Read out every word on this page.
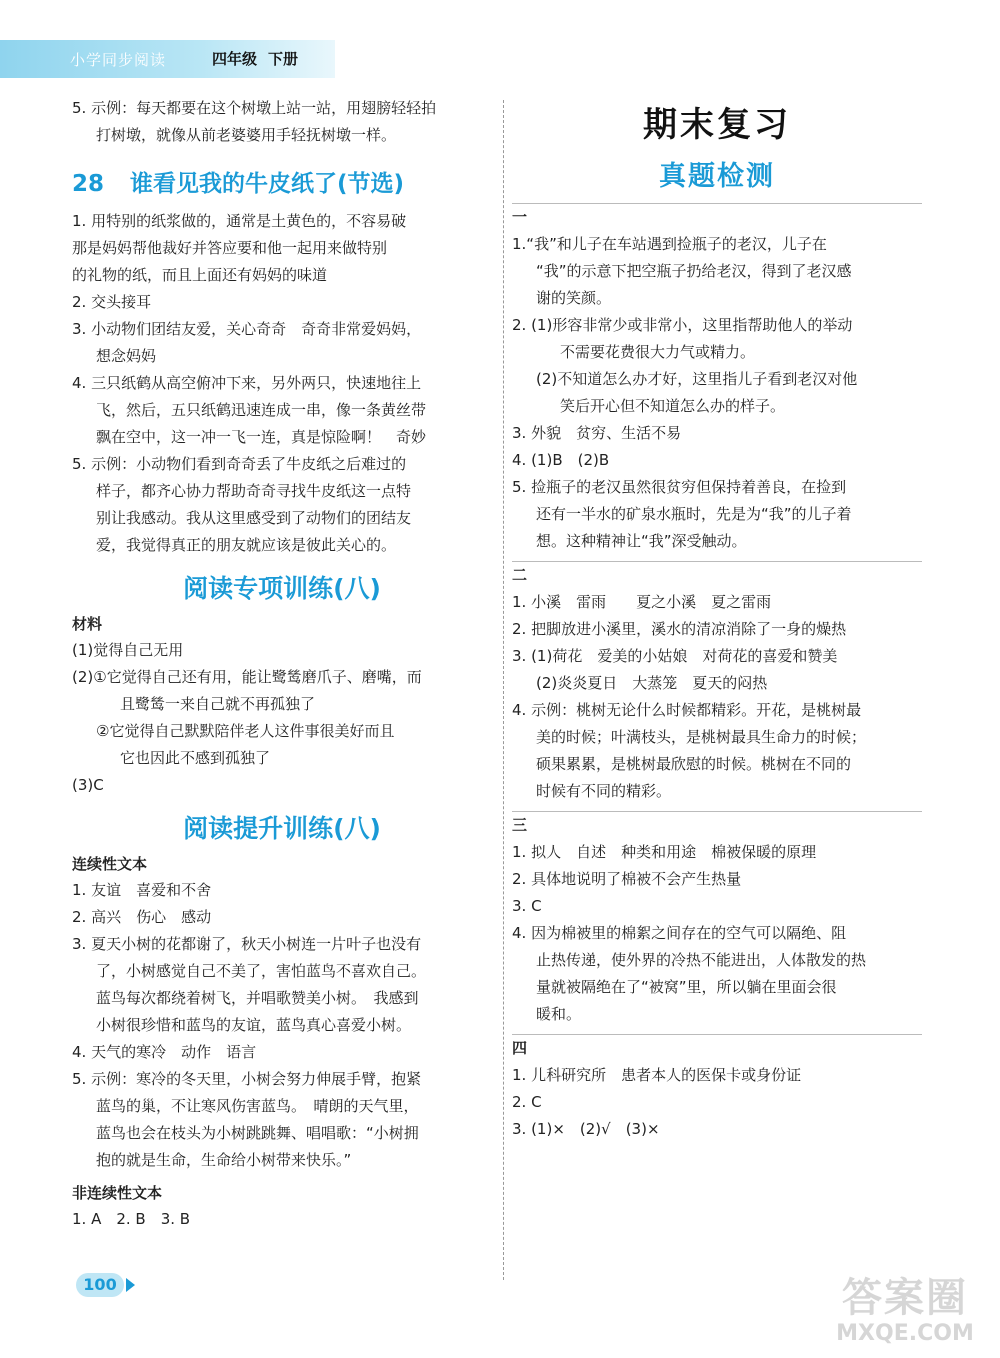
小学同步阅读	四年级 下册
5. 示例：每天都要在这个树墩上站一站，用翅膀轻轻拍
打树墩，就像从前老婆婆用手轻抚树墩一样。
28 谁看见我的牛皮纸了(节选)
1. 用特别的纸浆做的，通常是土黄色的，不容易破
那是妈妈帮他裁好并答应要和他一起用来做特别
的礼物的纸，而且上面还有妈妈的味道
2. 交头接耳
3. 小动物们团结友爱，关心奇奇　奇奇非常爱妈妈，
想念妈妈
4. 三只纸鹤从高空俯冲下来，另外两只，快速地往上
飞，然后，五只纸鹤迅速连成一串，像一条黄丝带
飘在空中，这一冲一飞一连，真是惊险啊！　奇妙
5. 示例：小动物们看到奇奇丢了牛皮纸之后难过的
样子，都齐心协力帮助奇奇寻找牛皮纸这一点特
别让我感动。我从这里感受到了动物们的团结友
爱，我觉得真正的朋友就应该是彼此关心的。
阅读专项训练(八)
材料
(1)觉得自己无用
(2)①它觉得自己还有用，能让鹭鸶磨爪子、磨嘴，而
且鹭鸶一来自己就不再孤独了
②它觉得自己默默陪伴老人这件事很美好而且
它也因此不感到孤独了
(3)C
阅读提升训练(八)
连续性文本
1. 友谊　喜爱和不舍
2. 高兴　伤心　感动
3. 夏天小树的花都谢了，秋天小树连一片叶子也没有
了，小树感觉自己不美了，害怕蓝鸟不喜欢自己。
蓝鸟每次都绕着树飞，并唱歌赞美小树。　我感到
小树很珍惜和蓝鸟的友谊，蓝鸟真心喜爱小树。
4. 天气的寒冷　动作　语言
5. 示例：寒冷的冬天里，小树会努力伸展手臂，抱紧
蓝鸟的巢，不让寒风伤害蓝鸟。　晴朗的天气里，
蓝鸟也会在枝头为小树跳跳舞、唱唱歌：“小树拥
抱的就是生命，生命给小树带来快乐。”
非连续性文本
1. A　2. B　3. B
期末复习
真题检测
一
1.“我”和儿子在车站遇到捡瓶子的老汉，儿子在
“我”的示意下把空瓶子扔给老汉，得到了老汉感
谢的笑颜。
2. (1)形容非常少或非常小，这里指帮助他人的举动
不需要花费很大力气或精力。
(2)不知道怎么办才好，这里指儿子看到老汉对他
笑后开心但不知道怎么办的样子。
3. 外貌　贫穷、生活不易
4. (1)B　(2)B
5. 捡瓶子的老汉虽然很贫穷但保持着善良，在捡到
还有一半水的矿泉水瓶时，先是为“我”的儿子着
想。这种精神让“我”深受触动。
二
1. 小溪　雷雨　　夏之小溪　夏之雷雨
2. 把脚放进小溪里，溪水的清凉消除了一身的燥热
3. (1)荷花　爱美的小姑娘　对荷花的喜爱和赞美
(2)炎炎夏日　大蒸笼　夏天的闷热
4. 示例：桃树无论什么时候都精彩。开花，是桃树最
美的时候；叶满枝头，是桃树最具生命力的时候；
硕果累累，是桃树最欣慰的时候。桃树在不同的
时候有不同的精彩。
三
1. 拟人　自述　种类和用途　棉被保暖的原理
2. 具体地说明了棉被不会产生热量
3. C
4. 因为棉被里的棉絮之间存在的空气可以隔绝、阻
止热传递，使外界的冷热不能进出，人体散发的热
量就被隔绝在了“被窝”里，所以躺在里面会很
暖和。
四
1. 儿科研究所　患者本人的医保卡或身份证
2. C
3. (1)×　(2)√　(3)×
100	答案圈
MXQE.COM
